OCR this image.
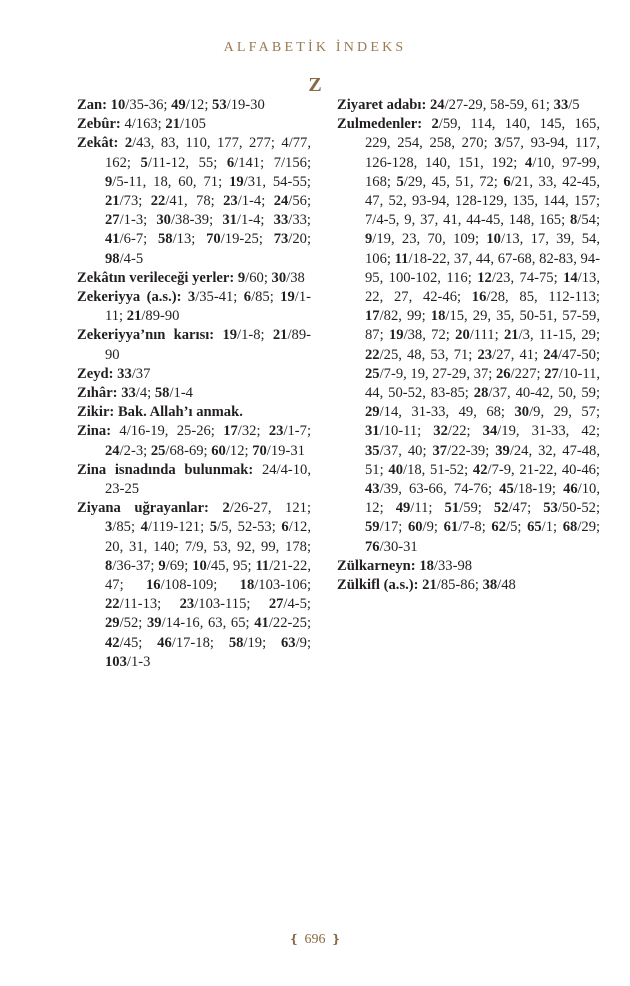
ALFABETİK İNDEKS
Z

Zan: 10/35-36; 49/12; 53/19-30

Zebûr: 4/163; 21/105

Zekât: 2/43, 83, 110, 177, 277; 4/77, 162; 5/11-12, 55; 6/141; 7/156; 9/5-11, 18, 60, 71; 19/31, 54-55; 21/73; 22/41, 78; 23/1-4; 24/56; 27/1-3; 30/38-39; 31/1-4; 33/33; 41/6-7; 58/13; 70/19-25; 73/20; 98/4-5

Zekâtın verileceği yerler: 9/60; 30/38

Zekeriyya (a.s.): 3/35-41; 6/85; 19/1-11; 21/89-90

Zekeriyya’nın karısı: 19/1-8; 21/89-90

Zeyd: 33/37

Zıhâr: 33/4; 58/1-4

Zikir: Bak. Allah’ı anmak.

Zina: 4/16-19, 25-26; 17/32; 23/1-7; 24/2-3; 25/68-69; 60/12; 70/19-31

Zina isnadında bulunmak: 24/4-10, 23-25

Ziyana uğrayanlar: 2/26-27, 121; 3/85; 4/119-121; 5/5, 52-53; 6/12, 20, 31, 140; 7/9, 53, 92, 99, 178; 8/36-37; 9/69; 10/45, 95; 11/21-22, 47; 16/108-109; 18/103-106; 22/11-13; 23/103-115; 27/4-5; 29/52; 39/14-16, 63, 65; 41/22-25; 42/45; 46/17-18; 58/19; 63/9; 103/1-3

Ziyaret adabı: 24/27-29, 58-59, 61; 33/5

Zulmedenler: 2/59, 114, 140, 145, 165, 229, 254, 258, 270; 3/57, 93-94, 117, 126-128, 140, 151, 192; 4/10, 97-99, 168; 5/29, 45, 51, 72; 6/21, 33, 42-45, 47, 52, 93-94, 128-129, 135, 144, 157; 7/4-5, 9, 37, 41, 44-45, 148, 165; 8/54; 9/19, 23, 70, 109; 10/13, 17, 39, 54, 106; 11/18-22, 37, 44, 67-68, 82-83, 94-95, 100-102, 116; 12/23, 74-75; 14/13, 22, 27, 42-46; 16/28, 85, 112-113; 17/82, 99; 18/15, 29, 35, 50-51, 57-59, 87; 19/38, 72; 20/111; 21/3, 11-15, 29; 22/25, 48, 53, 71; 23/27, 41; 24/47-50; 25/7-9, 19, 27-29, 37; 26/227; 27/10-11, 44, 50-52, 83-85; 28/37, 40-42, 50, 59; 29/14, 31-33, 49, 68; 30/9, 29, 57; 31/10-11; 32/22; 34/19, 31-33, 42; 35/37, 40; 37/22-39; 39/24, 32, 47-48, 51; 40/18, 51-52; 42/7-9, 21-22, 40-46; 43/39, 63-66, 74-76; 45/18-19; 46/10, 12; 49/11; 51/59; 52/47; 53/50-52; 59/17; 60/9; 61/7-8; 62/5; 65/1; 68/29; 76/30-31

Zülkarneyn: 18/33-98

Zülkifl (a.s.): 21/85-86; 38/48

❴ 696 ❵
